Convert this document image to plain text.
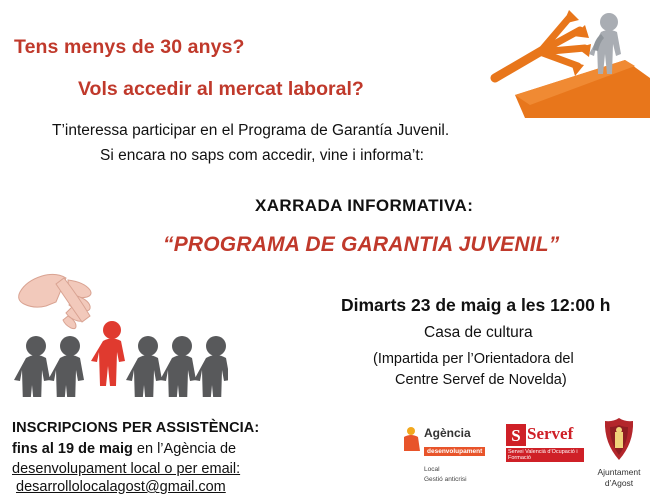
Tens menys de 30 anys?
Vols accedir al mercat laboral?
T’interessa participar en el Programa de Garantía Juvenil.
Si encara no saps com accedir, vine i informa’t:
XARRADA INFORMATIVA:
“PROGRAMA DE GARANTIA JUVENIL”
Dimarts 23 de maig a les 12:00 h
Casa de cultura
(Impartida per l’Orientadora del
Centre Servef de Novelda)
INSCRIPCIONS PER ASSISTÈNCIA:
fins al 19 de maig en l’Agència de
desenvolupament local o per email:
desarrollolocalagost@gmail.com
Agència
desenvolupament Local
Gestió anticrisi
S Servef
Servei Valencià d’Ocupació i Formació
Ajuntament
d’Agost
